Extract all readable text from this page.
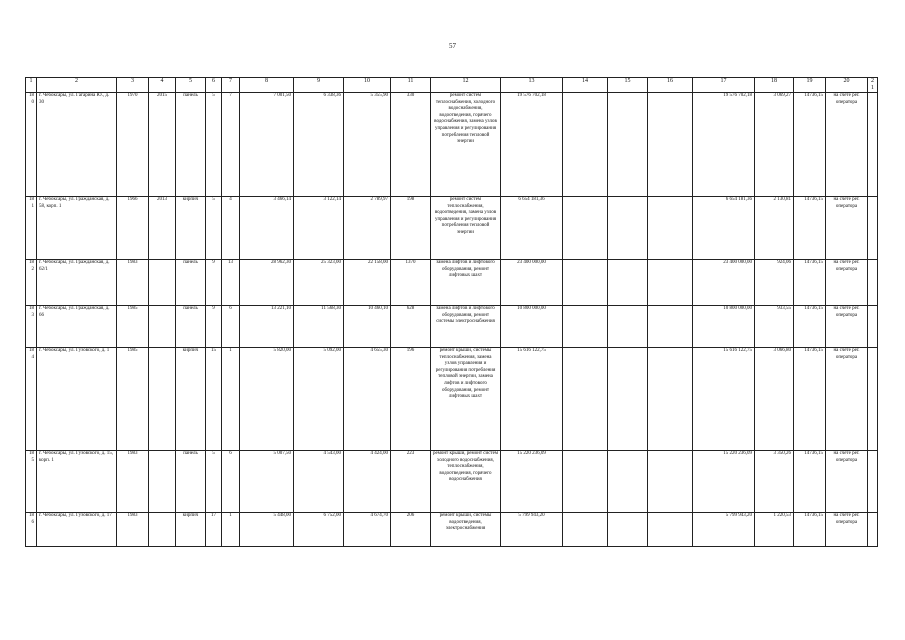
57
1	2	3	4	5	6	7	8	9	10	11	12	13	14	15	16	17	18	19	20	21
180	г. Чебоксары, ул. Гагарина Ю., д. 30	1970	2015	панель	5	7	7 001,50	6 338,36	5 355,90	330	ремонт систем теплоснабжения, холодного водоснабжения, водоотведения, горячего водоснабжения, замена узлов управления и регулирования потребления тепловой энергии	19 576 702,18				19 576 702,18	3 069,27	14736,15	на счете рег. оператора	
181	г. Чебоксары, ул. Гражданская, д. 58, корп. 1	1966	2013	кирпич	5	4	3 466,14	3 122,14	2 789,97	198	ремонт систем теплоснабжения, водоотведения, замена узлов управления и регулирования потребления тепловой энергии	6 654 181,36				6 654 181,36	2 130,81	14736,15	на счете рег. оператора	
182	г. Чебоксары, ул. Гражданская, д. 62/1	1983		панель	9	13	28 962,30	25 323,00	22 158,00	1370	замена лифтов и лифтового оборудования, ремонт лифтовых шахт	23 400 000,00				23 400 000,00	924,06	14736,15	на счете рег. оператора	
183	г. Чебоксары, ул. Гражданская, д. 66	1985		панель	9	6	13 221,10	11 568,30	10 460,10	628	замена лифтов и лифтового оборудования, ремонт системы электроснабжения	10 800 000,00				10 800 000,00	933,55	14736,15	на счете рег. оператора	
184	г. Чебоксары, ул. Гузовского, д. 1	1985		кирпич	15	1	5 820,00	5 092,00	4 655,30	196	ремонт крыши, системы теплоснабжения, замена узлов управления и регулирования потребления тепловой энергии, замена лифтов и лифтового оборудования, ремонт лифтовых шахт	15 616 122,75				15 616 122,75	3 066,80	14736,15	на счете рег. оператора	
185	г. Чебоксары, ул. Гузовского, д. 15, корп. 1	1983		панель	5	6	5 007,50	4 543,00	4 424,00	223	ремонт крыши, ремонт систем холодного водоснабжения, теплоснабжения, водоотведения, горячего водоснабжения	15 220 236,09				15 220 236,09	3 350,26	14736,15	на счете рег. оператора	
186	г. Чебоксары, ул. Гузовского, д. 17	1983		кирпич	17	1	5 448,00	6 752,00	4 674,70	206	ремонт крыши, системы водоотведения, электроснабжения	5 799 943,20				5 799 943,20	1 220,53	14736,15	на счете рег. оператора	
